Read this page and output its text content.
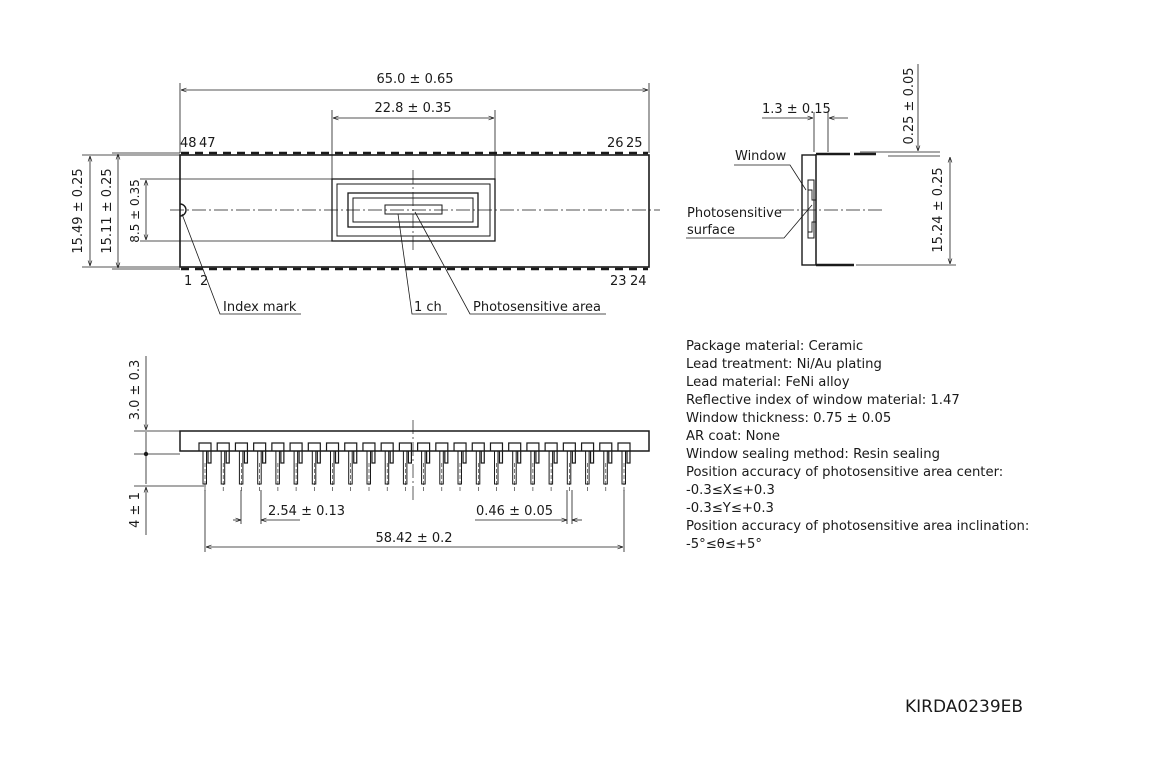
65.0 ± 0.65
22.8 ± 0.35
48 47	26 25
1 2	23 24
Index mark	1 ch Photosensitive area
15.49 ± 0.25 15.11 ± 0.25 8.5 ± 0.35
1.3 ± 0.15	0.25 ± 0.05
15.24 ± 0.25
Window
Photosensitive
surface
3.0 ± 0.3
4 ± 1	2.54 ± 0.13	0.46 ± 0.05
58.42 ± 0.2
Package material: Ceramic
Lead treatment: Ni/Au plating
Lead material: FeNi alloy
Reflective index of window material: 1.47
Window thickness: 0.75 ± 0.05
AR coat: None
Window sealing method: Resin sealing
Position accuracy of photosensitive area center:
-0.3≤X≤+0.3
-0.3≤Y≤+0.3
Position accuracy of photosensitive area inclination:
-5°≤θ≤+5°
KIRDA0239EB
